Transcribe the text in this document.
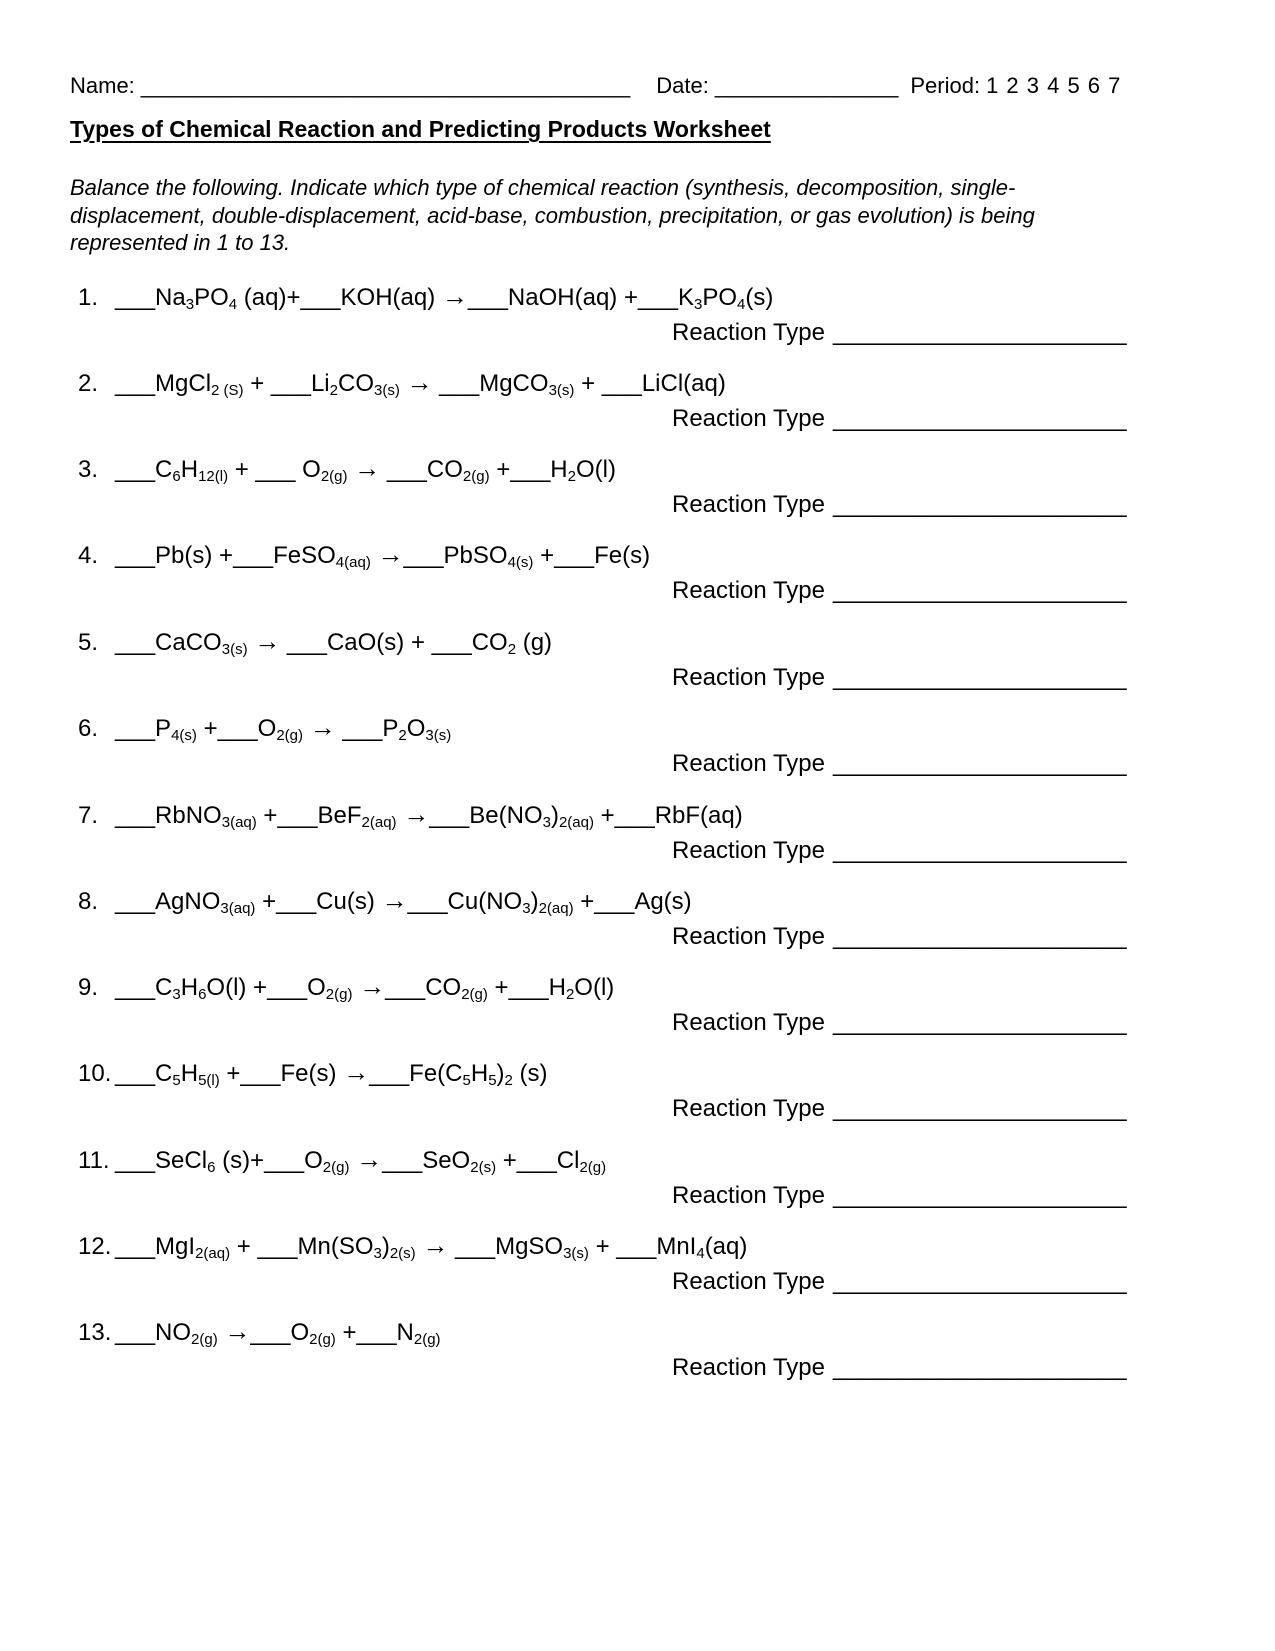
Name: ________________________________________ Date: _______________ Period: 1 2 3 4 5 6 7
Types of Chemical Reaction and Predicting Products Worksheet
Balance the following. Indicate which type of chemical reaction (synthesis, decomposition, single-
displacement, double-displacement, acid-base, combustion, precipitation, or gas evolution) is being
represented in 1 to 13.
1. ___Na3PO4 (aq)+___KOH(aq) →___NaOH(aq) +___K3PO4(s)
Reaction Type ______________________
2. ___MgCl2 (S) + ___Li2CO3(s) → ___MgCO3(s) + ___LiCl(aq)
Reaction Type ______________________
3. ___C6H12(l) + ___ O2(g) → ___CO2(g) +___H2O(l)
Reaction Type ______________________
4. ___Pb(s) +___FeSO4(aq) →___PbSO4(s) +___Fe(s)
Reaction Type ______________________
5. ___CaCO3(s) → ___CaO(s) + ___CO2 (g)
Reaction Type ______________________
6. ___P4(s) +___O2(g) → ___P2O3(s)
Reaction Type ______________________
7. ___RbNO3(aq) +___BeF2(aq) →___Be(NO3)2(aq) +___RbF(aq)
Reaction Type ______________________
8. ___AgNO3(aq) +___Cu(s) →___Cu(NO3)2(aq) +___Ag(s)
Reaction Type ______________________
9. ___C3H6O(l) +___O2(g) →___CO2(g) +___H2O(l)
Reaction Type ______________________
10. ___C5H5(l) +___Fe(s) →___Fe(C5H5)2 (s)
Reaction Type ______________________
11. ___SeCl6 (s)+___O2(g) →___SeO2(s) +___Cl2(g)
Reaction Type ______________________
12. ___MgI2(aq) + ___Mn(SO3)2(s) → ___MgSO3(s) + ___MnI4(aq)
Reaction Type ______________________
13. ___NO2(g) →___O2(g) +___N2(g)
Reaction Type ______________________
